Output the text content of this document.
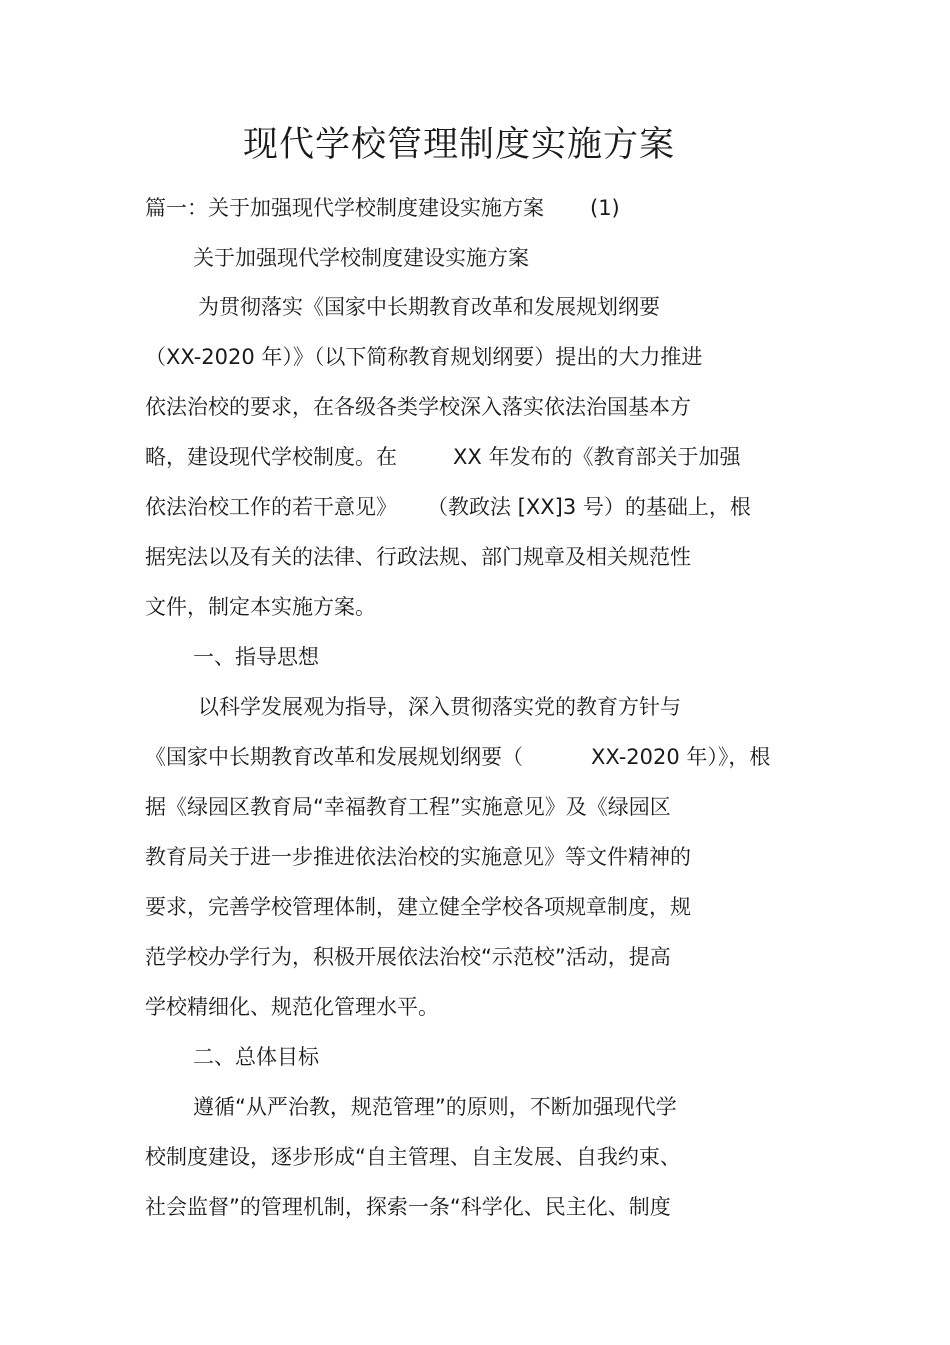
现代学校管理制度实施方案
篇一：关于加强现代学校制度建设实施方案 (1)
关于加强现代学校制度建设实施方案
为贯彻落实《国家中长期教育改革和发展规划纲要
（XX-2020 年）》（以下简称教育规划纲要）提出的大力推进
依法治校的要求，在各级各类学校深入落实依法治国基本方
略，建设现代学校制度。在	XX 年发布的《教育部关于加强
依法治校工作的若干意见》 （教政法 [XX]3 号）的基础上，根
据宪法以及有关的法律、行政法规、部门规章及相关规范性
文件，制定本实施方案。
一、指导思想
以科学发展观为指导，深入贯彻落实党的教育方针与
《国家中长期教育改革和发展规划纲要（	XX-2020 年）》，根
据《绿园区教育局“幸福教育工程”实施意见》及《绿园区
教育局关于进一步推进依法治校的实施意见》等文件精神的
要求，完善学校管理体制，建立健全学校各项规章制度，规
范学校办学行为，积极开展依法治校“示范校”活动，提高
学校精细化、规范化管理水平。
二、总体目标
遵循“从严治教，规范管理”的原则，不断加强现代学
校制度建设，逐步形成“自主管理、自主发展、自我约束、
社会监督”的管理机制，探索一条“科学化、民主化、制度
